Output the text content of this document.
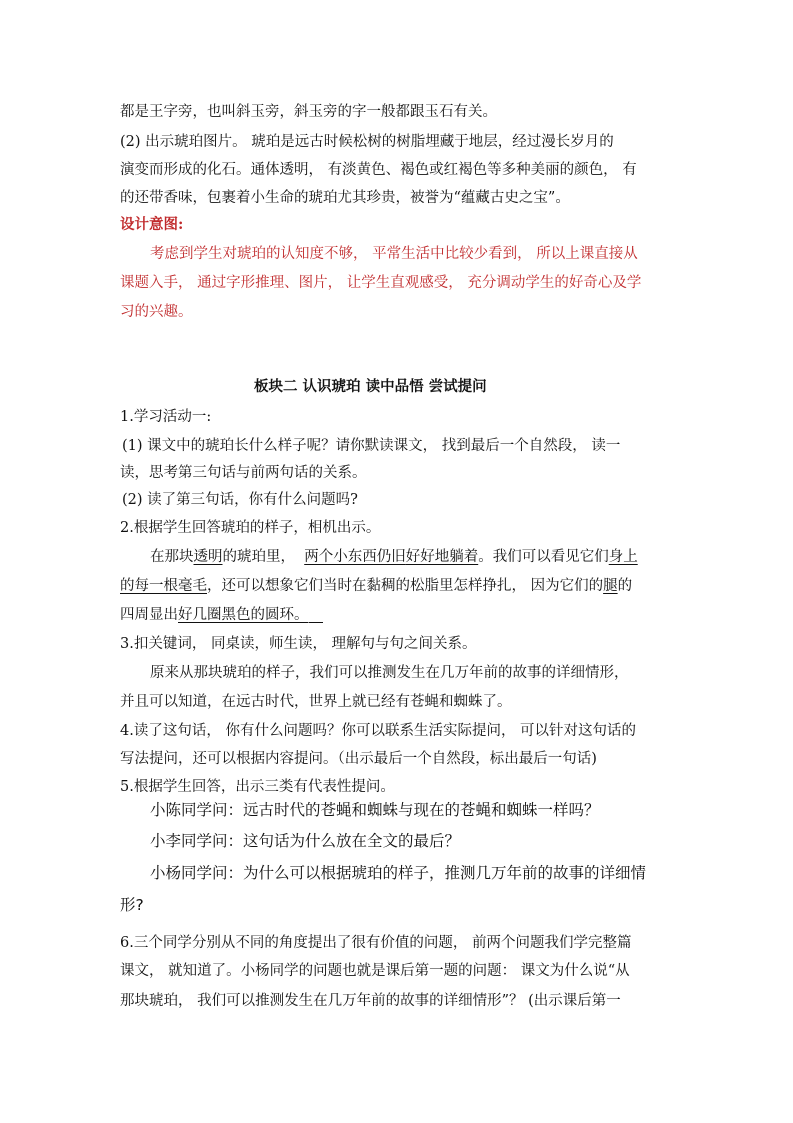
都是王字旁，也叫斜玉旁，斜玉旁的字一般都跟玉石有关。
(2) 出示琥珀图片。 琥珀是远古时候松树的树脂埋藏于地层，经过漫长岁月的
演变而形成的化石。通体透明， 有淡黄色、褐色或红褐色等多种美丽的颜色， 有
的还带香味，包裹着小生命的琥珀尤其珍贵，被誉为“蕴藏古史之宝”。
设计意图:
考虑到学生对琥珀的认知度不够， 平常生活中比较少看到， 所以上课直接从
课题入手， 通过字形推理、图片， 让学生直观感受， 充分调动学生的好奇心及学
习的兴趣。
板块二 认识琥珀 读中品悟 尝试提问
1.学习活动一:
(1) 课文中的琥珀长什么样子呢？请你默读课文， 找到最后一个自然段， 读一
读，思考第三句话与前两句话的关系。
(2) 读了第三句话，你有什么问题吗?
2.根据学生回答琥珀的样子，相机出示。
在那块透明的琥珀里， 两个小东西仍旧好好地躺着。我们可以看见它们身上
的每一根毫毛，还可以想象它们当时在黏稠的松脂里怎样挣扎， 因为它们的腿的
四周显出好几圈黑色的圆环。
3.扣关键词， 同桌读，师生读， 理解句与句之间关系。
原来从那块琥珀的样子，我们可以推测发生在几万年前的故事的详细情形，
并且可以知道，在远古时代，世界上就已经有苍蝇和蜘蛛了。
4.读了这句话， 你有什么问题吗？你可以联系生活实际提问， 可以针对这句话的
写法提问，还可以根据内容提问。（出示最后一个自然段，标出最后一句话)
5.根据学生回答，出示三类有代表性提问。
小陈同学问：远古时代的苍蝇和蜘蛛与现在的苍蝇和蜘蛛一样吗？
小李同学问：这句话为什么放在全文的最后？
小杨同学问：为什么可以根据琥珀的样子，推测几万年前的故事的详细情
形?
6.三个同学分别从不同的角度提出了很有价值的问题， 前两个问题我们学完整篇
课文， 就知道了。小杨同学的问题也就是课后第一题的问题： 课文为什么说“从
那块琥珀， 我们可以推测发生在几万年前的故事的详细情形”？ (出示课后第一
